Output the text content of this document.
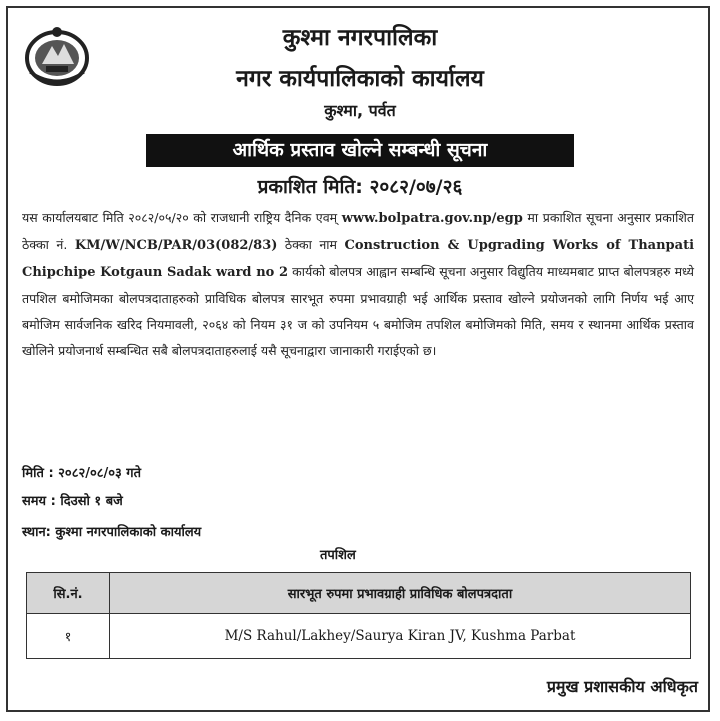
कुश्मा नगरपालिका
नगर कार्यपालिकाको कार्यालय
कुश्मा, पर्वत
आर्थिक प्रस्ताव खोल्ने सम्बन्धी सूचना
प्रकाशित मिति: २०८२/०७/२६
यस कार्यालयबाट मिति २०८२/०५/२० को राजधानी राष्ट्रिय दैनिक एवम् www.bolpatra.gov.np/egp मा प्रकाशित सूचना अनुसार प्रकाशित ठेक्का नं. KM/W/NCB/PAR/03(082/83) ठेक्का नाम Construction & Upgrading Works of Thanpati Chipchipe Kotgaun Sadak ward no 2 कार्यको बोलपत्र आह्वान सम्बन्धि सूचना अनुसार विद्युतिय माध्यमबाट प्राप्त बोलपत्रहरु मध्ये तपशिल बमोजिमका बोलपत्रदाताहरुको प्राविधिक बोलपत्र सारभूत रुपमा प्रभावग्राही भई आर्थिक प्रस्ताव खोल्ने प्रयोजनको लागि निर्णय भई आए बमोजिम सार्वजनिक खरिद नियमावली, २०६४ को नियम ३१ ज को उपनियम ५ बमोजिम तपशिल बमोजिमको मिति, समय र स्थानमा आर्थिक प्रस्ताव खोलिने प्रयोजनार्थ सम्बन्धित सबै बोलपत्रदाताहरुलाई यसै सूचनाद्वारा जानाकारी गराईएको छ।
मिति : २०८२/०८/०३ गते
समय : दिउसो १ बजे
स्थान: कुश्मा नगरपालिकाको कार्यालय
तपशिल
सि.नं.	सारभूत रुपमा प्रभावग्राही प्राविधिक बोलपत्रदाता
१	M/S Rahul/Lakhey/Saurya Kiran JV, Kushma Parbat
प्रमुख प्रशासकीय अधिकृत
